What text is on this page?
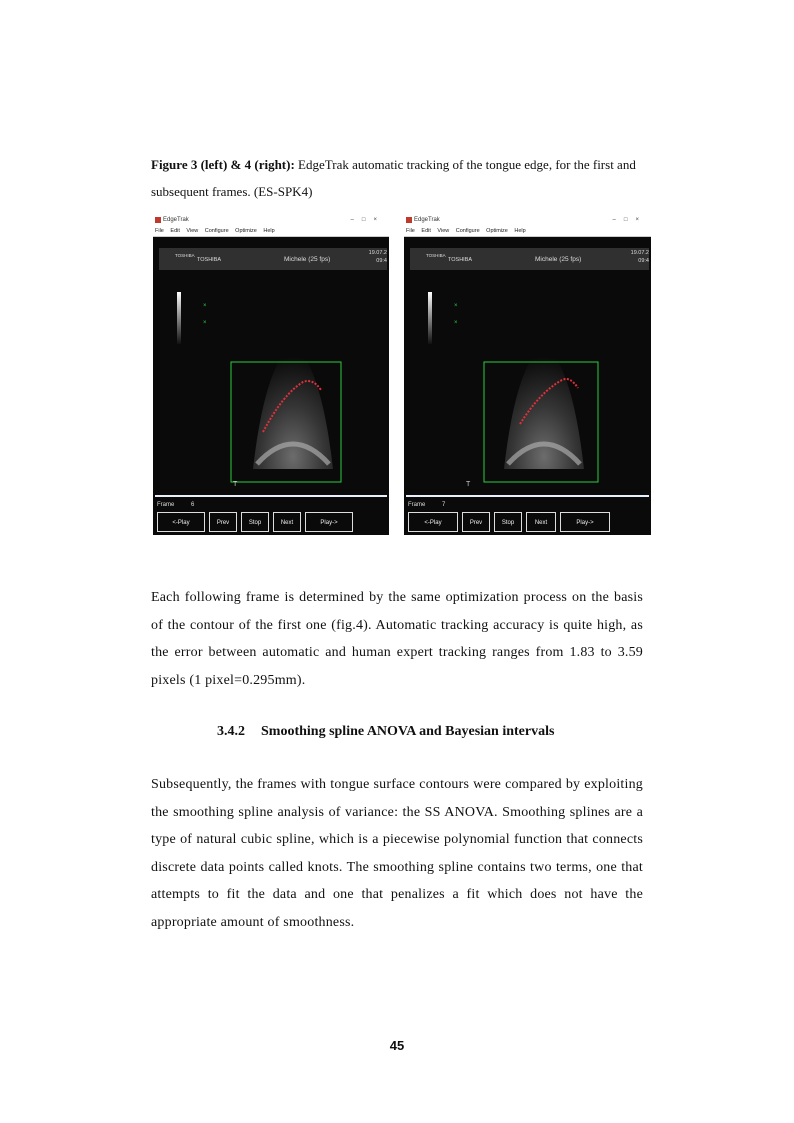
Figure 3 (left) & 4 (right): EdgeTrak automatic tracking of the tongue edge, for the first and subsequent frames. (ES-SPK4)
EdgeTrak	–□×
File Edit View Configure Optimize Help
TOSHIBA
TOSHIBA	Michele (25 fps)
19.07.2
09:4
×
×
T
Frame	6
<-Play	Prev	Stop	Next	Play->
EdgeTrak	–□×
File Edit View Configure Optimize Help
TOSHIBA
TOSHIBA	Michele (25 fps)
19.07.2
09:4
×
×
T
Frame	7
<-Play	Prev	Stop	Next	Play->

Each following frame is determined by the same optimization process on the basis of the contour of the first one (fig.4). Automatic tracking accuracy is quite high, as the error between automatic and human expert tracking ranges from 1.83 to 3.59 pixels (1 pixel=0.295mm).

3.4.2 Smoothing spline ANOVA and Bayesian intervals

Subsequently, the frames with tongue surface contours were compared by exploiting the smoothing spline analysis of variance: the SS ANOVA. Smoothing splines are a type of natural cubic spline, which is a piecewise polynomial function that connects discrete data points called knots. The smoothing spline contains two terms, one that attempts to fit the data and one that penalizes a fit which does not have the appropriate amount of smoothness.

45
